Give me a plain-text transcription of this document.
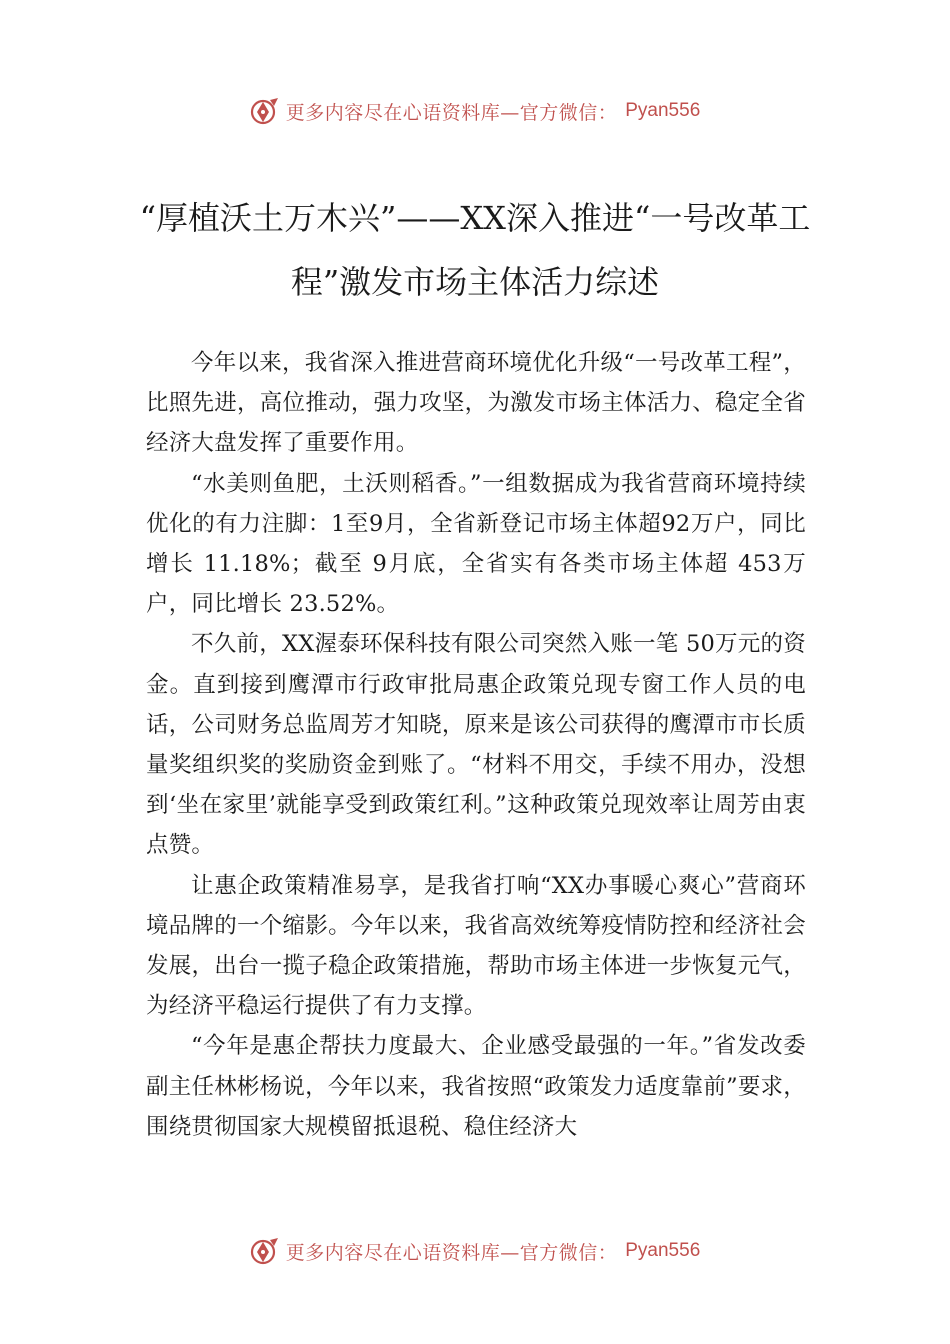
更多内容尽在心语资料库—官方微信： Pyan556
“厚植沃土万木兴”——XX深入推进“一号改革工程”激发市场主体活力综述

今年以来，我省深入推进营商环境优化升级“一号改革工程”，比照先进，高位推动，强力攻坚，为激发市场主体活力、稳定全省经济大盘发挥了重要作用。

“水美则鱼肥，土沃则稻香。”一组数据成为我省营商环境持续优化的有力注脚：1至9月，全省新登记市场主体超92万户，同比增长 11.18%；截至 9月底，全省实有各类市场主体超 453万户，同比增长 23.52%。

不久前，XX渥泰环保科技有限公司突然入账一笔 50万元的资金。直到接到鹰潭市行政审批局惠企政策兑现专窗工作人员的电话，公司财务总监周芳才知晓，原来是该公司获得的鹰潭市市长质量奖组织奖的奖励资金到账了。“材料不用交，手续不用办，没想到‘坐在家里’就能享受到政策红利。”这种政策兑现效率让周芳由衷点赞。

让惠企政策精准易享，是我省打响“XX办事暖心爽心”营商环境品牌的一个缩影。今年以来，我省高效统筹疫情防控和经济社会发展，出台一揽子稳企政策措施，帮助市场主体进一步恢复元气，为经济平稳运行提供了有力支撑。

“今年是惠企帮扶力度最大、企业感受最强的一年。”省发改委副主任林彬杨说，今年以来，我省按照“政策发力适度靠前”要求，围绕贯彻国家大规模留抵退税、稳住经济大

更多内容尽在心语资料库—官方微信： Pyan556
